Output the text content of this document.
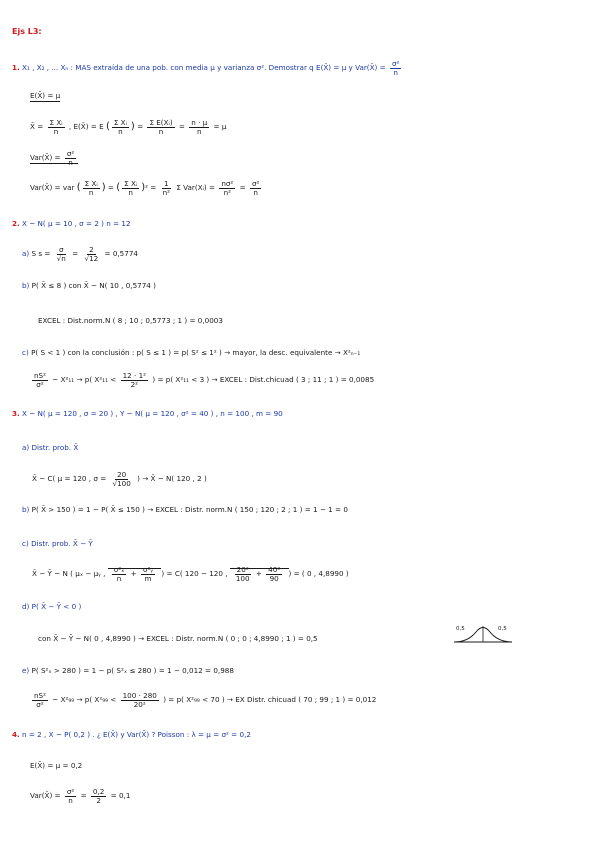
Ejs L3:
1. X₁ , X₂ , ... Xₙ : MAS extraída de una pob. con media μ y varianza σ². Demostrar q E(X̄) = μ y Var(X̄) = $\frac{\text{σ²}}{n}$
E(X̄) = μ
X̄ = $\frac{\text{Σ Xᵢ}}{n}$ , E(X̄) = E ( $\frac{\text{Σ Xᵢ}}{n}$ ) = $\frac{\text{Σ E(Xᵢ)}}{n} = \frac{n \cdot \mu}{n} = \mu$
Var(X̄) = $\frac{\text{σ²}}{n}$
Var(X̄) = var ( $\frac{\text{Σ Xᵢ}}{n}$ ) = ( $\frac{\text{Σ Xᵢ}}{n} )^2 = \frac{1}{\text{n²}}$ Σ Var(Xᵢ) = $\frac{\text{nσ²}}{\text{n²}} = \frac{\text{σ²}}{n}$
2. X ~ N( μ = 10 , σ = 2 ) n = 12
a) S $s = \frac{\sigma}{√n} = \frac{2}{√12} = 0,5774$
b) P( X̄ ≤ 8 ) con X̄ ~ N( 10 , 0,5774 )
EXCEL : Dist.norm.N ( 8 ; 10 ; 0,5773 ; 1 ) = 0,0003
c) P( S < 1 ) con la conclusión : p( S ≤ 1 ) = p( S² ≤ 1² ) → mayor, la desc. equivalente → X²ₙ₋₁
$\frac{\text{nS²}}{\text{σ²}}$ ~ X²₁₁ → p( $X^2_{11} < \frac{\text{12 · 1²}}{\text{2²}}$ ) = p( X²₁₁ < 3 ) → EXCEL : Dist.chicuad ( 3 ; 11 ; 1 ) = 0,0085
3. X ~ N( μ = 120 , σ = 20 ) , Y ~ N( μ = 120 , σ² = 40 ) , n = 100 , m = 90
a) Distr. prob. X̄
X̄ ~ C( μ = 120 , $\sigma = \frac{20}{√100}$ ) → X̄ ~ N( 120 , 2 )
b) P( X̄ > 150 ) = 1 − P( X̄ ≤ 150 ) → EXCEL : Distr. norm.N ( 150 ; 120 ; 2 ; 1 ) = 1 − 1 = 0
c) Distr. prob. X̄ − Ȳ
X̄ − Ȳ ~ N ( μₓ − μᵧ , $\frac{\text{σ²ₓ}}{n} + \frac{\text{σ²ᵧ}}{m}$ ) = C( 120 − 120 , $\frac{\text{20²}}{100} + \frac{\text{40²}}{90}$ ) = ( 0 , 4,8990 )
d) P( X̄ − Ȳ < 0 )
con X̄ − Ȳ ~ N( 0 , 4,8990 ) → EXCEL : Distr. norm.N ( 0 ; 0 ; 4,8990 ; 1 ) = 0,5
0,5	0,5
e) P( S²ₓ > 280 ) = 1 − p( S²ₓ ≤ 280 ) = 1 − 0,012 = 0,988
$\frac{\text{nS²}}{\text{σ²}}$ ~ X²₉₉ → p( $X^2_{99} < \frac{100 \cdot 280}{\text{20²}}$ ) = p( X²₉₉ < 70 ) → EX Distr. chicuad ( 70 ; 99 ; 1 ) = 0,012
4. n = 2 , X ~ P( 0,2 ) . ¿ E(X̄) y Var(X̄) ? Poisson : λ = μ = σ² = 0,2
E(X̄) = μ = 0,2
Var(X̄) = $\frac{\text{σ²}}{n} = \frac{0,2}{2} = 0,1$
